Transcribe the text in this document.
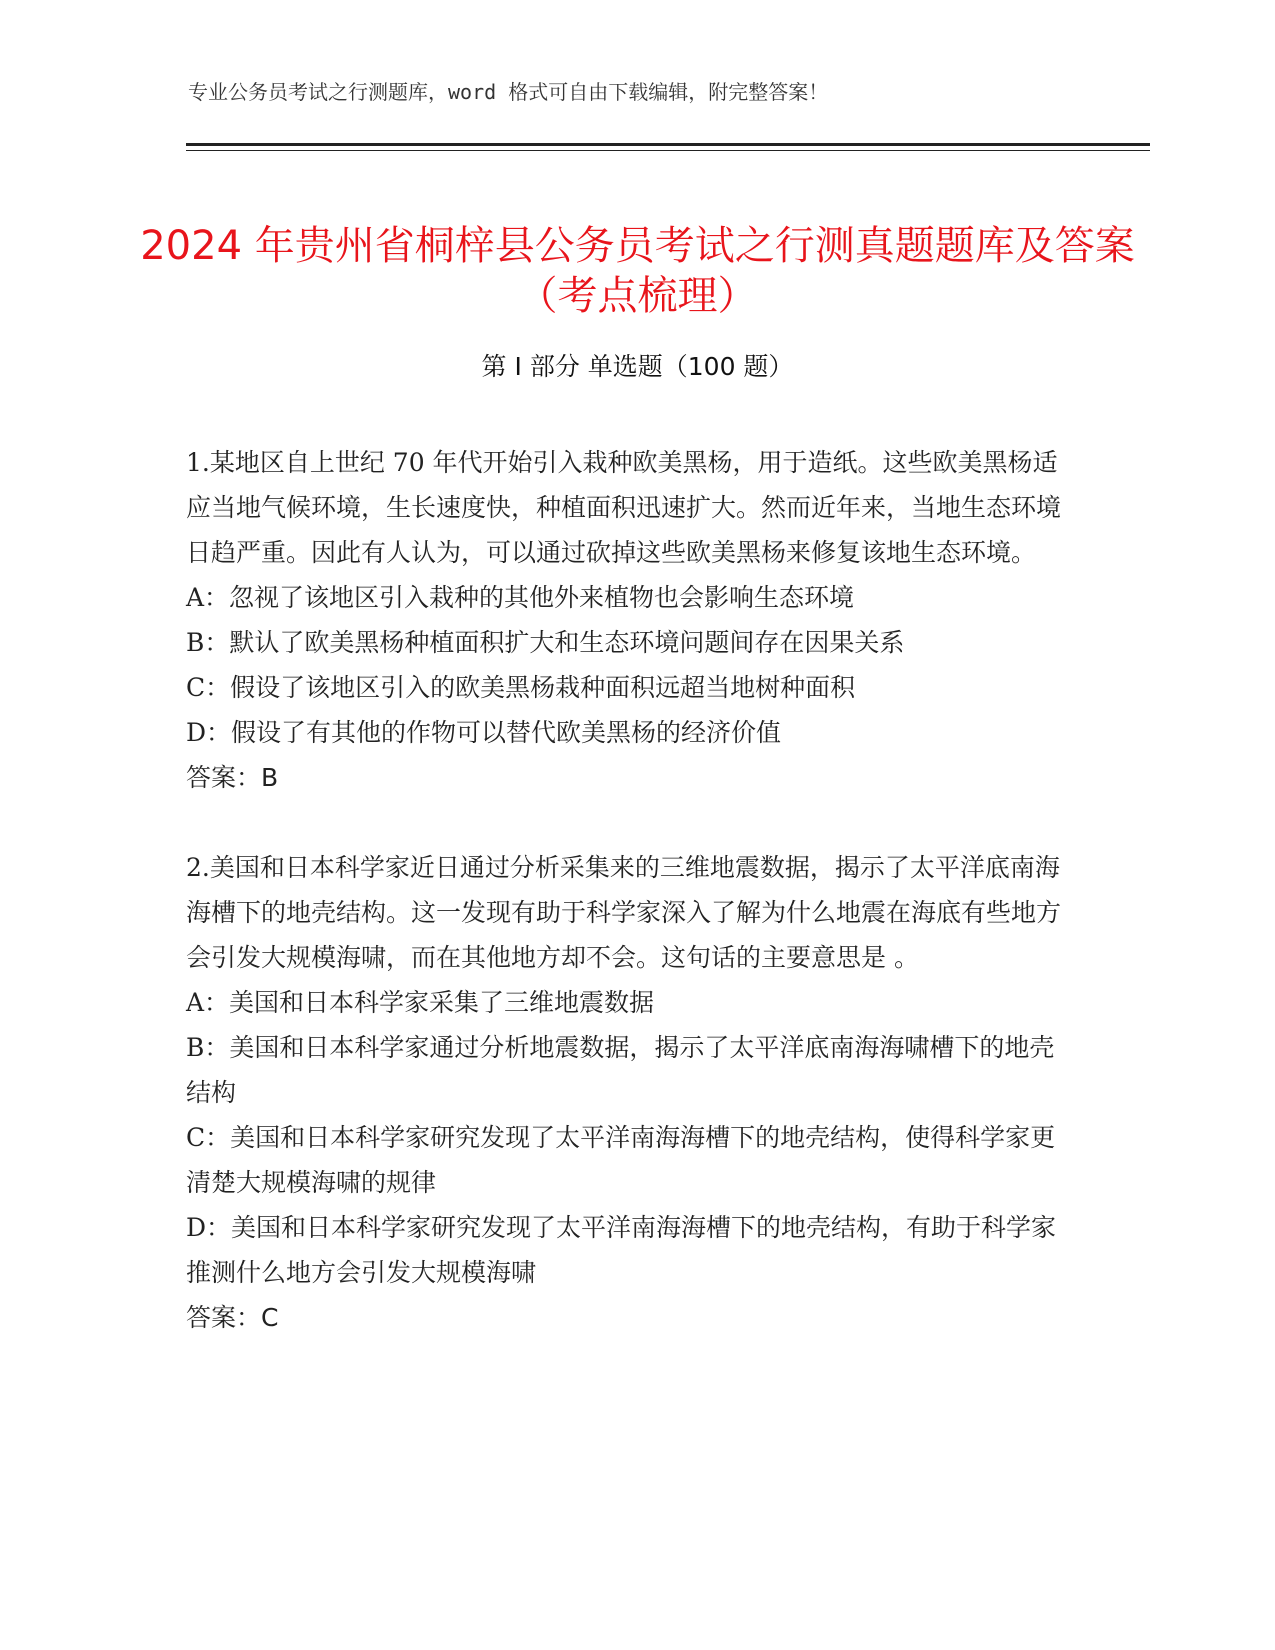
专业公务员考试之行测题库，word 格式可自由下载编辑，附完整答案！
2024 年贵州省桐梓县公务员考试之行测真题题库及答案（考点梳理）
第 I 部分 单选题（100 题）

1.某地区自上世纪 70 年代开始引入栽种欧美黑杨，用于造纸。这些欧美黑杨适应当地气候环境，生长速度快，种植面积迅速扩大。然而近年来，当地生态环境日趋严重。因此有人认为，可以通过砍掉这些欧美黑杨来修复该地生态环境。

A：忽视了该地区引入栽种的其他外来植物也会影响生态环境

B：默认了欧美黑杨种植面积扩大和生态环境问题间存在因果关系

C：假设了该地区引入的欧美黑杨栽种面积远超当地树种面积

D：假设了有其他的作物可以替代欧美黑杨的经济价值

答案：B

2.美国和日本科学家近日通过分析采集来的三维地震数据，揭示了太平洋底南海海槽下的地壳结构。这一发现有助于科学家深入了解为什么地震在海底有些地方会引发大规模海啸，而在其他地方却不会。这句话的主要意思是 。

A：美国和日本科学家采集了三维地震数据

B：美国和日本科学家通过分析地震数据，揭示了太平洋底南海海啸槽下的地壳结构

C：美国和日本科学家研究发现了太平洋南海海槽下的地壳结构，使得科学家更清楚大规模海啸的规律

D：美国和日本科学家研究发现了太平洋南海海槽下的地壳结构，有助于科学家推测什么地方会引发大规模海啸

答案：C
